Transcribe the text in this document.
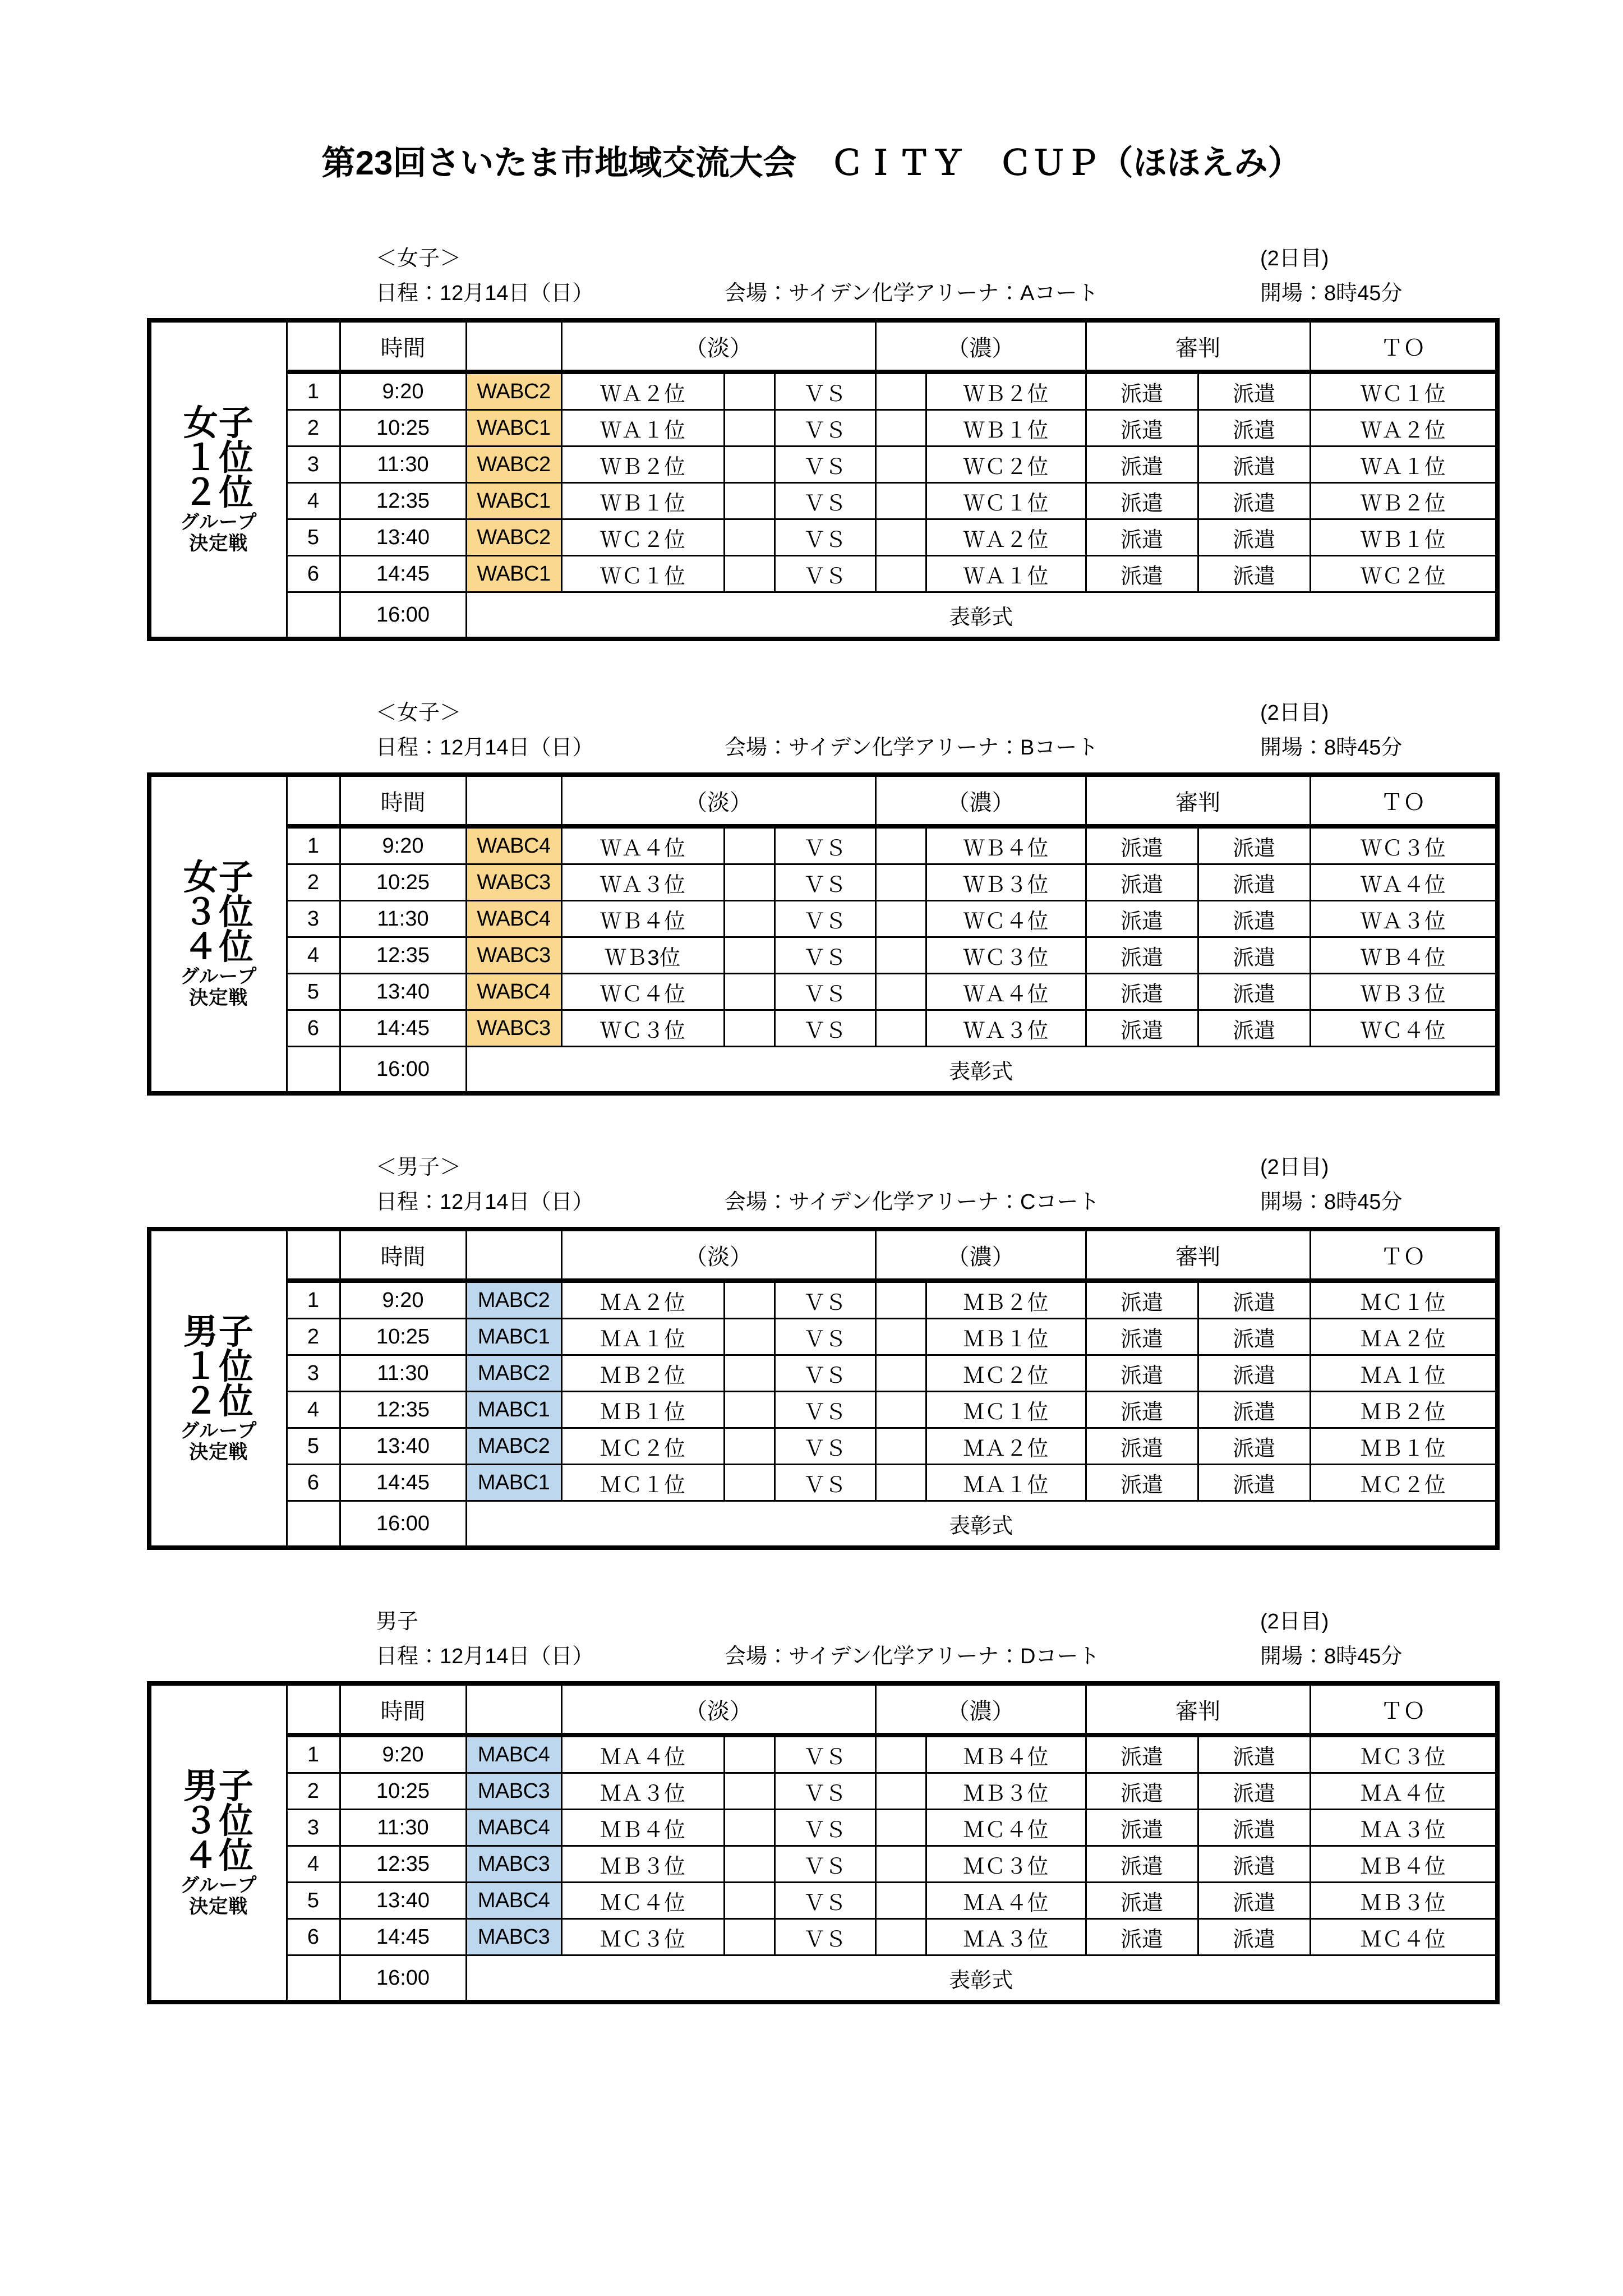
第23回さいたま市地域交流大会　ＣＩＴＹ　ＣＵＰ（ほほえみ）
＜女子＞	(2日目)
日程：12月14日（日）	会場：サイデン化学アリーナ：Aコート	開場：8時45分
女子
１位
２位
グループ
決定戦		時間		（淡）			（濃）		審判		ＴＯ
	1	9:20	WABC2	ＷＡ２位		ＶＳ		ＷＢ２位	派遣	派遣	ＷＣ１位
	2	10:25	WABC1	ＷＡ１位		ＶＳ		ＷＢ１位	派遣	派遣	ＷＡ２位
	3	11:30	WABC2	ＷＢ２位		ＶＳ		ＷＣ２位	派遣	派遣	ＷＡ１位
	4	12:35	WABC1	ＷＢ１位		ＶＳ		ＷＣ１位	派遣	派遣	ＷＢ２位
	5	13:40	WABC2	ＷＣ２位		ＶＳ		ＷＡ２位	派遣	派遣	ＷＢ１位
	6	14:45	WABC1	ＷＣ１位		ＶＳ		ＷＡ１位	派遣	派遣	ＷＣ２位
		16:00	表彰式								
＜女子＞	(2日目)
日程：12月14日（日）	会場：サイデン化学アリーナ：Bコート	開場：8時45分
女子
３位
４位
グループ
決定戦		時間		（淡）			（濃）		審判		ＴＯ
	1	9:20	WABC4	ＷＡ４位		ＶＳ		ＷＢ４位	派遣	派遣	ＷＣ３位
	2	10:25	WABC3	ＷＡ３位		ＶＳ		ＷＢ３位	派遣	派遣	ＷＡ４位
	3	11:30	WABC4	ＷＢ４位		ＶＳ		ＷＣ４位	派遣	派遣	ＷＡ３位
	4	12:35	WABC3	ＷＢ3位		ＶＳ		ＷＣ３位	派遣	派遣	ＷＢ４位
	5	13:40	WABC4	ＷＣ４位		ＶＳ		ＷＡ４位	派遣	派遣	ＷＢ３位
	6	14:45	WABC3	ＷＣ３位		ＶＳ		ＷＡ３位	派遣	派遣	ＷＣ４位
		16:00	表彰式								
＜男子＞	(2日目)
日程：12月14日（日）	会場：サイデン化学アリーナ：Cコート	開場：8時45分
男子
１位
２位
グループ
決定戦		時間		（淡）			（濃）		審判		ＴＯ
	1	9:20	MABC2	ＭＡ２位		ＶＳ		ＭＢ２位	派遣	派遣	ＭＣ１位
	2	10:25	MABC1	ＭＡ１位		ＶＳ		ＭＢ１位	派遣	派遣	ＭＡ２位
	3	11:30	MABC2	ＭＢ２位		ＶＳ		ＭＣ２位	派遣	派遣	ＭＡ１位
	4	12:35	MABC1	ＭＢ１位		ＶＳ		ＭＣ１位	派遣	派遣	ＭＢ２位
	5	13:40	MABC2	ＭＣ２位		ＶＳ		ＭＡ２位	派遣	派遣	ＭＢ１位
	6	14:45	MABC1	ＭＣ１位		ＶＳ		ＭＡ１位	派遣	派遣	ＭＣ２位
		16:00	表彰式								
男子	(2日目)
日程：12月14日（日）	会場：サイデン化学アリーナ：Dコート	開場：8時45分
男子
３位
４位
グループ
決定戦		時間		（淡）			（濃）		審判		ＴＯ
	1	9:20	MABC4	ＭＡ４位		ＶＳ		ＭＢ４位	派遣	派遣	ＭＣ３位
	2	10:25	MABC3	ＭＡ３位		ＶＳ		ＭＢ３位	派遣	派遣	ＭＡ４位
	3	11:30	MABC4	ＭＢ４位		ＶＳ		ＭＣ４位	派遣	派遣	ＭＡ３位
	4	12:35	MABC3	ＭＢ３位		ＶＳ		ＭＣ３位	派遣	派遣	ＭＢ４位
	5	13:40	MABC4	ＭＣ４位		ＶＳ		ＭＡ４位	派遣	派遣	ＭＢ３位
	6	14:45	MABC3	ＭＣ３位		ＶＳ		ＭＡ３位	派遣	派遣	ＭＣ４位
		16:00	表彰式								
